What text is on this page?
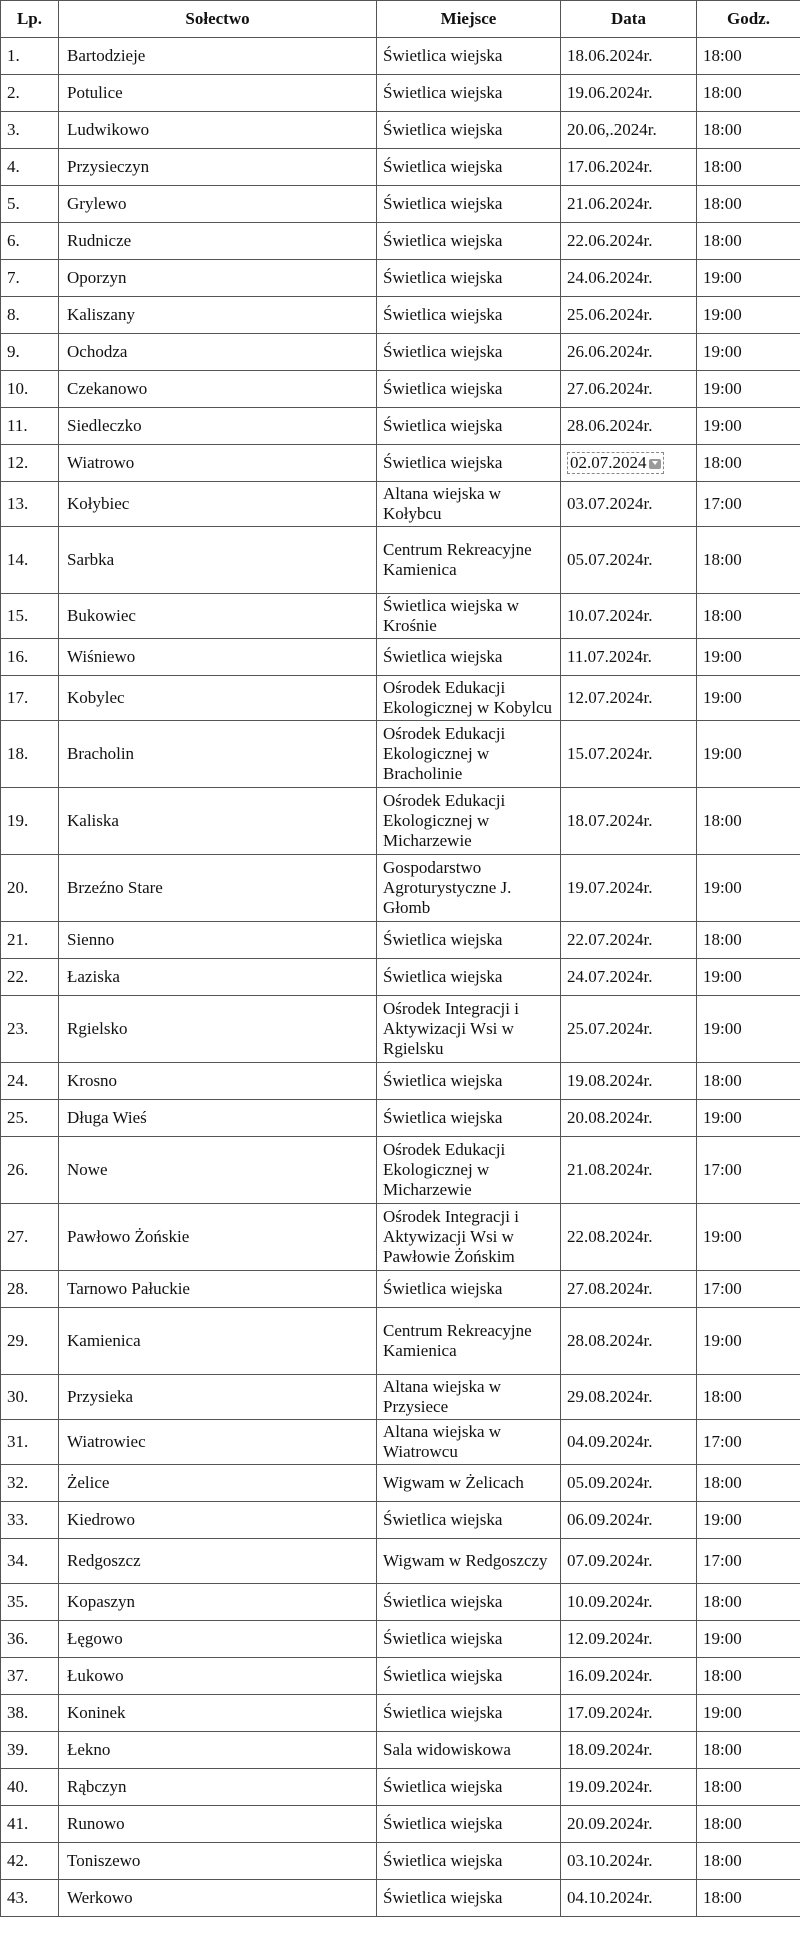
Lp.	Sołectwo	Miejsce	Data	Godz.
1.	Bartodzieje	Świetlica wiejska	18.06.2024r.	18:00
2.	Potulice	Świetlica wiejska	19.06.2024r.	18:00
3.	Ludwikowo	Świetlica wiejska	20.06,.2024r.	18:00
4.	Przysieczyn	Świetlica wiejska	17.06.2024r.	18:00
5.	Grylewo	Świetlica wiejska	21.06.2024r.	18:00
6.	Rudnicze	Świetlica wiejska	22.06.2024r.	18:00
7.	Oporzyn	Świetlica wiejska	24.06.2024r.	19:00
8.	Kaliszany	Świetlica wiejska	25.06.2024r.	19:00
9.	Ochodza	Świetlica wiejska	26.06.2024r.	19:00
10.	Czekanowo	Świetlica wiejska	27.06.2024r.	19:00
11.	Siedleczko	Świetlica wiejska	28.06.2024r.	19:00
12.	Wiatrowo	Świetlica wiejska	02.07.2024	18:00
13.	Kołybiec	Altana wiejska w Kołybcu	03.07.2024r.	17:00
14.	Sarbka	Centrum Rekreacyjne Kamienica	05.07.2024r.	18:00
15.	Bukowiec	Świetlica wiejska w Krośnie	10.07.2024r.	18:00
16.	Wiśniewo	Świetlica wiejska	11.07.2024r.	19:00
17.	Kobylec	Ośrodek Edukacji Ekologicznej w Kobylcu	12.07.2024r.	19:00
18.	Bracholin	Ośrodek Edukacji Ekologicznej w Bracholinie	15.07.2024r.	19:00
19.	Kaliska	Ośrodek Edukacji Ekologicznej w Micharzewie	18.07.2024r.	18:00
20.	Brzeźno Stare	Gospodarstwo Agroturystyczne J. Głomb	19.07.2024r.	19:00
21.	Sienno	Świetlica wiejska	22.07.2024r.	18:00
22.	Łaziska	Świetlica wiejska	24.07.2024r.	19:00
23.	Rgielsko	Ośrodek Integracji i Aktywizacji Wsi w Rgielsku	25.07.2024r.	19:00
24.	Krosno	Świetlica wiejska	19.08.2024r.	18:00
25.	Długa Wieś	Świetlica wiejska	20.08.2024r.	19:00
26.	Nowe	Ośrodek Edukacji Ekologicznej w Micharzewie	21.08.2024r.	17:00
27.	Pawłowo Żońskie	Ośrodek Integracji i Aktywizacji Wsi w Pawłowie Żońskim	22.08.2024r.	19:00
28.	Tarnowo Pałuckie	Świetlica wiejska	27.08.2024r.	17:00
29.	Kamienica	Centrum Rekreacyjne Kamienica	28.08.2024r.	19:00
30.	Przysieka	Altana wiejska w Przysiece	29.08.2024r.	18:00
31.	Wiatrowiec	Altana wiejska w Wiatrowcu	04.09.2024r.	17:00
32.	Żelice	Wigwam w Żelicach	05.09.2024r.	18:00
33.	Kiedrowo	Świetlica wiejska	06.09.2024r.	19:00
34.	Redgoszcz	Wigwam w Redgoszczy	07.09.2024r.	17:00
35.	Kopaszyn	Świetlica wiejska	10.09.2024r.	18:00
36.	Łęgowo	Świetlica wiejska	12.09.2024r.	19:00
37.	Łukowo	Świetlica wiejska	16.09.2024r.	18:00
38.	Koninek	Świetlica wiejska	17.09.2024r.	19:00
39.	Łekno	Sala widowiskowa	18.09.2024r.	18:00
40.	Rąbczyn	Świetlica wiejska	19.09.2024r.	18:00
41.	Runowo	Świetlica wiejska	20.09.2024r.	18:00
42.	Toniszewo	Świetlica wiejska	03.10.2024r.	18:00
43.	Werkowo	Świetlica wiejska	04.10.2024r.	18:00
